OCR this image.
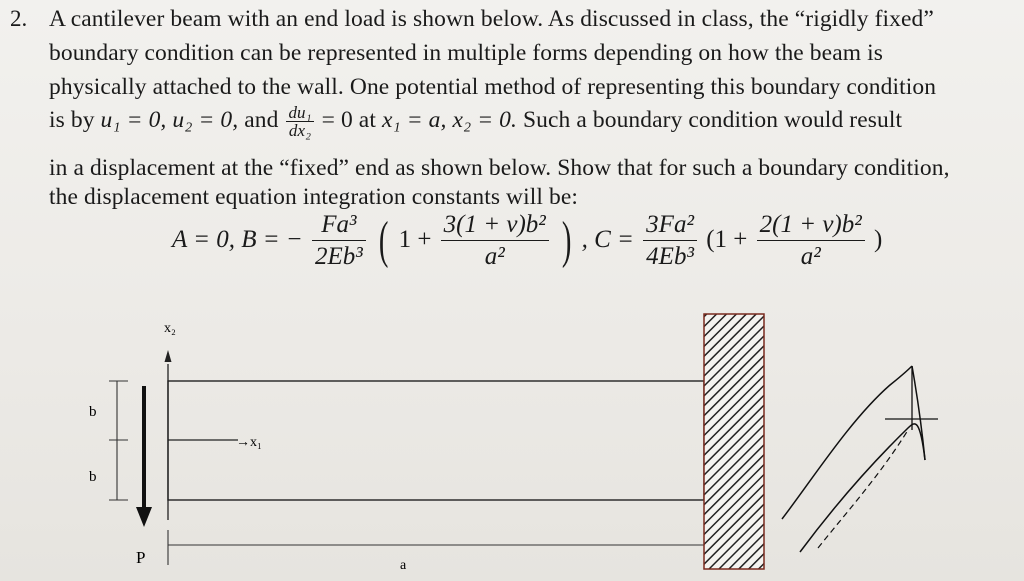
2. A cantilever beam with an end load is shown below. As discussed in class, the “rigidly fixed”
boundary condition can be represented in multiple forms depending on how the beam is
physically attached to the wall. One potential method of representing this boundary condition
is by u₁ = 0, u₂ = 0, and $\frac{\text{du₁}}{\text{dx₂}} = 0$ at x₁ = a, x₂ = 0. Such a boundary condition would result
in a displacement at the “fixed” end as shown below. Show that for such a boundary condition,
the displacement equation integration constants will be:
A = 0, B = − $\frac{\text{Fa³}}{\text{2Eb³}}$ ( $1 + \frac{\text{3(1 + ν)b²}}{\text{a²}}$ ) , $C = \frac{\text{3Fa²}}{\text{4Eb³}} (1 + \frac{\text{2(1 + ν)b²}}{\text{a²}}$ )
x₂
→x₁
b
b
P	a
